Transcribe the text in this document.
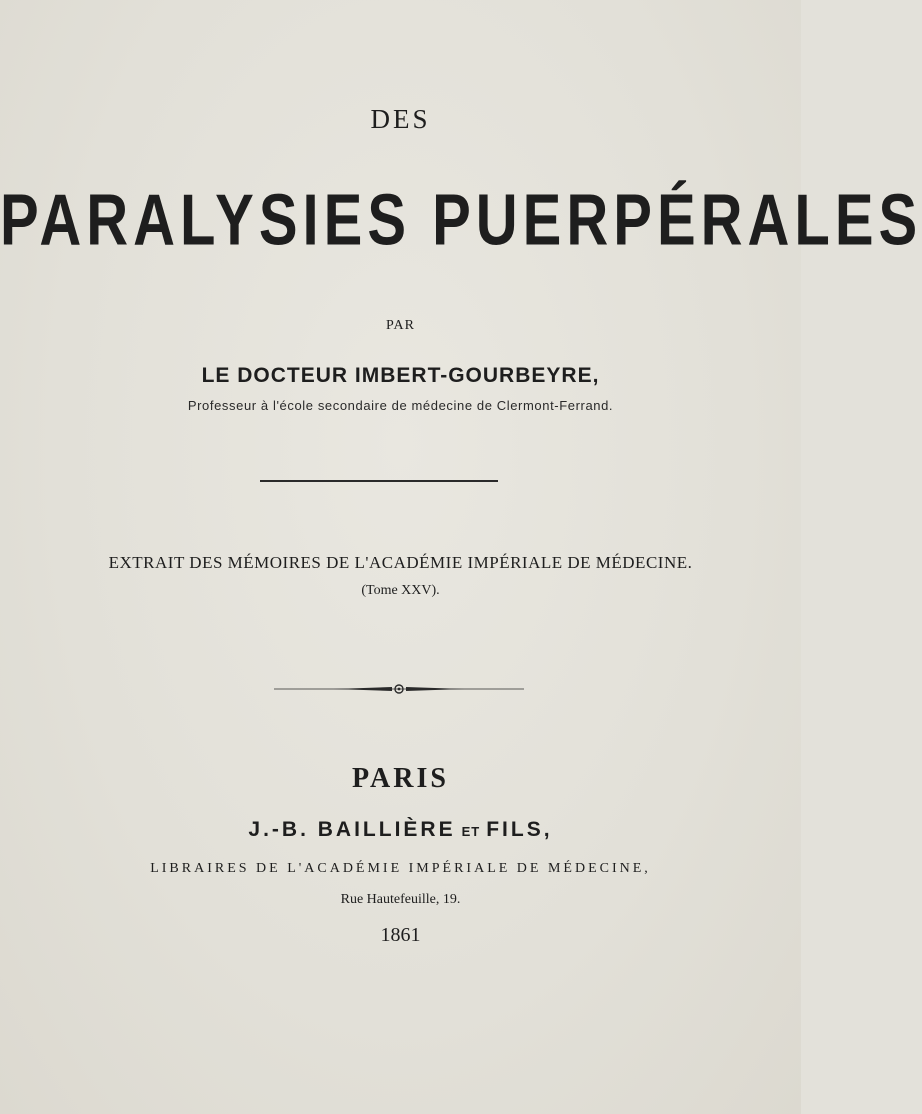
DES
PARALYSIES PUERPÉRALES
PAR
LE DOCTEUR IMBERT-GOURBEYRE,
Professeur à l'école secondaire de médecine de Clermont-Ferrand.
EXTRAIT DES MÉMOIRES DE L'ACADÉMIE IMPÉRIALE DE MÉDECINE.
(Tome XXV).
PARIS
J.-B. BAILLIÈRE ET FILS,
LIBRAIRES DE L'ACADÉMIE IMPÉRIALE DE MÉDECINE,
Rue Hautefeuille, 19.
1861
